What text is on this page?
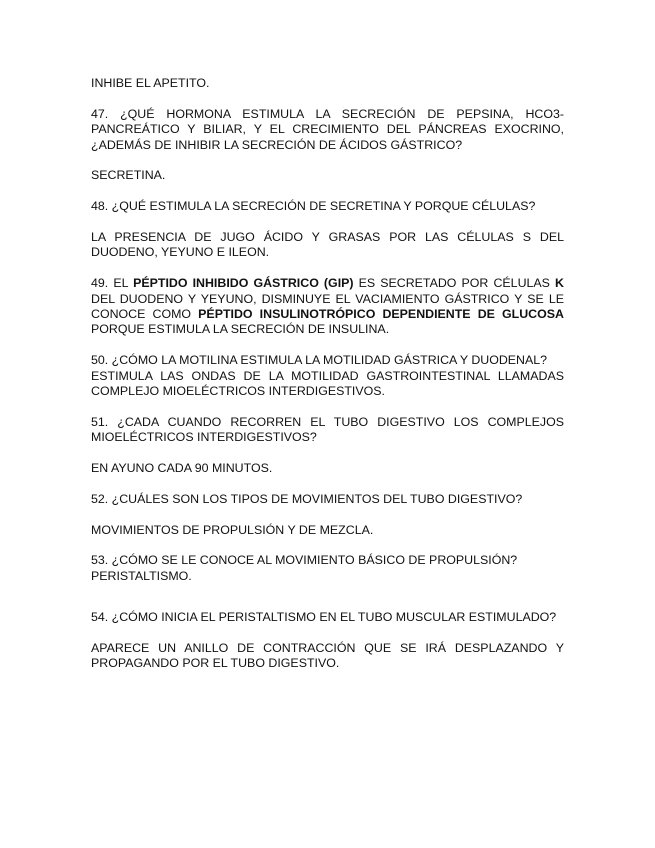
INHIBE EL APETITO.

47. ¿QUÉ HORMONA ESTIMULA LA SECRECIÓN DE PEPSINA, HCO3- PANCREÁTICO Y BILIAR, Y EL CRECIMIENTO DEL PÁNCREAS EXOCRINO, ¿ADEMÁS DE INHIBIR LA SECRECIÓN DE ÁCIDOS GÁSTRICO?

SECRETINA.

48. ¿QUÉ ESTIMULA LA SECRECIÓN DE SECRETINA Y PORQUE CÉLULAS?

LA PRESENCIA DE JUGO ÁCIDO Y GRASAS POR LAS CÉLULAS S DEL DUODENO, YEYUNO E ILEON.

49. EL PÉPTIDO INHIBIDO GÁSTRICO (GIP) ES SECRETADO POR CÉLULAS K DEL DUODENO Y YEYUNO, DISMINUYE EL VACIAMIENTO GÁSTRICO Y SE LE CONOCE COMO PÉPTIDO INSULINOTRÓPICO DEPENDIENTE DE GLUCOSA PORQUE ESTIMULA LA SECRECIÓN DE INSULINA.

50. ¿CÓMO LA MOTILINA ESTIMULA LA MOTILIDAD GÁSTRICA Y DUODENAL?

ESTIMULA LAS ONDAS DE LA MOTILIDAD GASTROINTESTINAL LLAMADAS COMPLEJO MIOELÉCTRICOS INTERDIGESTIVOS.

51. ¿CADA CUANDO RECORREN EL TUBO DIGESTIVO LOS COMPLEJOS MIOELÉCTRICOS INTERDIGESTIVOS?

EN AYUNO CADA 90 MINUTOS.

52. ¿CUÁLES SON LOS TIPOS DE MOVIMIENTOS DEL TUBO DIGESTIVO?

MOVIMIENTOS DE PROPULSIÓN Y DE MEZCLA.

53. ¿CÓMO SE LE CONOCE AL MOVIMIENTO BÁSICO DE PROPULSIÓN?

PERISTALTISMO.

54. ¿CÓMO INICIA EL PERISTALTISMO EN EL TUBO MUSCULAR ESTIMULADO?

APARECE UN ANILLO DE CONTRACCIÓN QUE SE IRÁ DESPLAZANDO Y PROPAGANDO POR EL TUBO DIGESTIVO.
